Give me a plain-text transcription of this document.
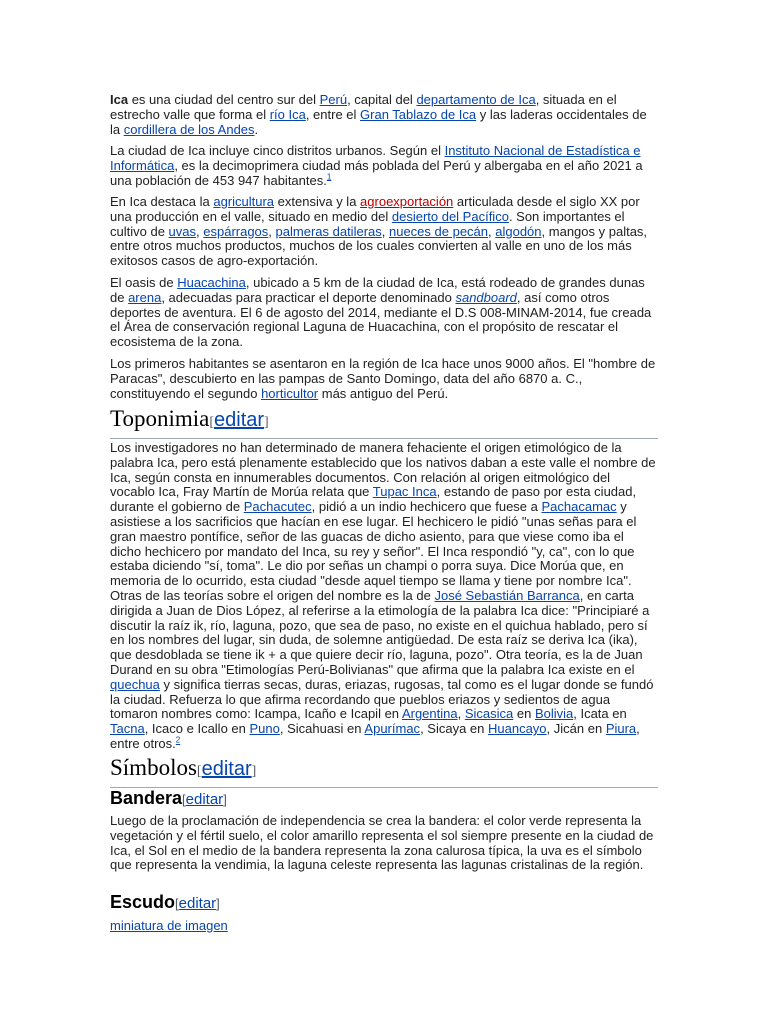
Ica es una ciudad del centro sur del Perú, capital del departamento de Ica, situada en el estrecho valle que forma el río Ica, entre el Gran Tablazo de Ica y las laderas occidentales de la cordillera de los Andes.

La ciudad de Ica incluye cinco distritos urbanos. Según el Instituto Nacional de Estadística e Informática, es la decimoprimera ciudad más poblada del Perú y albergaba en el año 2021 a una población de 453 947 habitantes.$^1$

En Ica destaca la agricultura extensiva y la agroexportación articulada desde el siglo XX por una producción en el valle, situado en medio del desierto del Pacífico. Son importantes el cultivo de uvas, espárragos, palmeras datileras, nueces de pecán, algodón, mangos y paltas, entre otros muchos productos, muchos de los cuales convierten al valle en uno de los más exitosos casos de agro-exportación.

El oasis de Huacachina, ubicado a 5 km de la ciudad de Ica, está rodeado de grandes dunas de arena, adecuadas para practicar el deporte denominado sandboard, así como otros deportes de aventura. El 6 de agosto del 2014, mediante el D.S 008-MINAM-2014, fue creada el Área de conservación regional Laguna de Huacachina, con el propósito de rescatar el ecosistema de la zona.

Los primeros habitantes se asentaron en la región de Ica hace unos 9000 años. El "hombre de Paracas", descubierto en las pampas de Santo Domingo, data del año 6870 a. C., constituyendo el segundo horticultor más antiguo del Perú.

Toponimia[editar]

Los investigadores no han determinado de manera fehaciente el origen etimológico de la palabra Ica, pero está plenamente establecido que los nativos daban a este valle el nombre de Ica, según consta en innumerables documentos. Con relación al origen eitmológico del vocablo Ica, Fray Martín de Morúa relata que Tupac Inca, estando de paso por esta ciudad, durante el gobierno de Pachacutec, pidió a un indio hechicero que fuese a Pachacamac y asistiese a los sacrificios que hacían en ese lugar. El hechicero le pidió "unas señas para el gran maestro pontífice, señor de las guacas de dicho asiento, para que viese como iba el dicho hechicero por mandato del Inca, su rey y señor". El Inca respondió "y, ca", con lo que estaba diciendo "sí, toma". Le dio por señas un champi o porra suya. Dice Morúa que, en memoria de lo ocurrido, esta ciudad "desde aquel tiempo se llama y tiene por nombre Ica". Otras de las teorías sobre el origen del nombre es la de José Sebastián Barranca, en carta dirigida a Juan de Dios López, al referirse a la etimología de la palabra Ica dice: "Principiaré a discutir la raíz ik, río, laguna, pozo, que sea de paso, no existe en el quichua hablado, pero sí en los nombres del lugar, sin duda, de solemne antigüedad. De esta raíz se deriva Ica (ika), que desdoblada se tiene ik + a que quiere decir río, laguna, pozo". Otra teoría, es la de Juan Durand en su obra "Etimologías Perú-Bolivianas" que afirma que la palabra Ica existe en el quechua y significa tierras secas, duras, eriazas, rugosas, tal como es el lugar donde se fundó la ciudad. Refuerza lo que afirma recordando que pueblos eriazos y sedientos de agua tomaron nombres como: Icampa, Icaño e Icapil en Argentina, Sicasica en Bolivia, Icata en Tacna, Icaco e Icallo en Puno, Sicahuasi en Apurímac, Sicaya en Huancayo, Jicán en Piura, entre otros.$^2$

Símbolos[editar]
Bandera[editar]

Luego de la proclamación de independencia se crea la bandera: el color verde representa la vegetación y el fértil suelo, el color amarillo representa el sol siempre presente en la ciudad de Ica, el Sol en el medio de la bandera representa la zona calurosa típica, la uva es el símbolo que representa la vendimia, la laguna celeste representa las lagunas cristalinas de la región.

Escudo[editar]

miniatura de imagen
